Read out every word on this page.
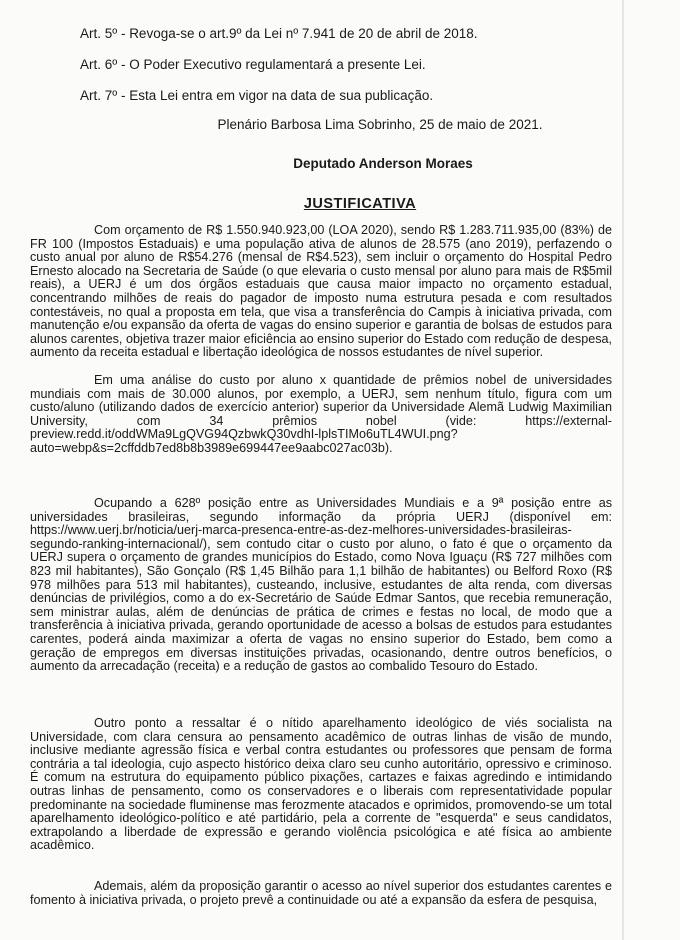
Art. 5º - Revoga-se o art.9º da Lei nº 7.941 de 20 de abril de 2018.
Art. 6º - O Poder Executivo regulamentará a presente Lei.
Art. 7º - Esta Lei entra em vigor na data de sua publicação.
Plenário Barbosa Lima Sobrinho, 25 de maio de 2021.
Deputado Anderson Moraes
JUSTIFICATIVA
Com orçamento de R$ 1.550.940.923,00 (LOA 2020), sendo R$ 1.283.711.935,00 (83%) de FR 100 (Impostos Estaduais) e uma população ativa de alunos de 28.575 (ano 2019), perfazendo o custo anual por aluno de R$54.276 (mensal de R$4.523), sem incluir o orçamento do Hospital Pedro Ernesto alocado na Secretaria de Saúde (o que elevaria o custo mensal por aluno para mais de R$5mil reais), a UERJ é um dos órgãos estaduais que causa maior impacto no orçamento estadual, concentrando milhões de reais do pagador de imposto numa estrutura pesada e com resultados contestáveis, no qual a proposta em tela, que visa a transferência do Campis à iniciativa privada, com manutenção e/ou expansão da oferta de vagas do ensino superior e garantia de bolsas de estudos para alunos carentes, objetiva trazer maior eficiência ao ensino superior do Estado com redução de despesa, aumento da receita estadual e libertação ideológica de nossos estudantes de nível superior.
Em uma análise do custo por aluno x quantidade de prêmios nobel de universidades mundiais com mais de 30.000 alunos, por exemplo, a UERJ, sem nenhum título, figura com um custo/aluno (utilizando dados de exercício anterior) superior da Universidade Alemã Ludwig Maximilian University, com 34 prêmios nobel (vide: https://external-preview.redd.it/oddWMa9LgQVG94QzbwkQ30vdhI-lplsTIMo6uTL4WUI.png?auto=webp&s=2cffddb7ed8b8b3989e699447ee9aabc027ac03b).
Ocupando a 628º posição entre as Universidades Mundiais e a 9ª posição entre as universidades brasileiras, segundo informação da própria UERJ (disponível em: https://www.uerj.br/noticia/uerj-marca-presenca-entre-as-dez-melhores-universidades-brasileiras-segundo-ranking-internacional/), sem contudo citar o custo por aluno, o fato é que o orçamento da UERJ supera o orçamento de grandes municípios do Estado, como Nova Iguaçu (R$ 727 milhões com 823 mil habitantes), São Gonçalo (R$ 1,45 Bilhão para 1,1 bilhão de habitantes) ou Belford Roxo (R$ 978 milhões para 513 mil habitantes), custeando, inclusive, estudantes de alta renda, com diversas denúncias de privilégios, como a do ex-Secretário de Saúde Edmar Santos, que recebia remuneração, sem ministrar aulas, além de denúncias de prática de crimes e festas no local, de modo que a transferência à iniciativa privada, gerando oportunidade de acesso a bolsas de estudos para estudantes carentes, poderá ainda maximizar a oferta de vagas no ensino superior do Estado, bem como a geração de empregos em diversas instituições privadas, ocasionando, dentre outros benefícios, o aumento da arrecadação (receita) e a redução de gastos ao combalido Tesouro do Estado.
Outro ponto a ressaltar é o nítido aparelhamento ideológico de viés socialista na Universidade, com clara censura ao pensamento acadêmico de outras linhas de visão de mundo, inclusive mediante agressão física e verbal contra estudantes ou professores que pensam de forma contrária a tal ideologia, cujo aspecto histórico deixa claro seu cunho autoritário, opressivo e criminoso. É comum na estrutura do equipamento público pixações, cartazes e faixas agredindo e intimidando outras linhas de pensamento, como os conservadores e o liberais com representatividade popular predominante na sociedade fluminense mas ferozmente atacados e oprimidos, promovendo-se um total aparelhamento ideológico-político e até partidário, pela a corrente de "esquerda" e seus candidatos, extrapolando a liberdade de expressão e gerando violência psicológica e até física ao ambiente acadêmico.
Ademais, além da proposição garantir o acesso ao nível superior dos estudantes carentes e fomento à iniciativa privada, o projeto prevê a continuidade ou até a expansão da esfera de pesquisa,
